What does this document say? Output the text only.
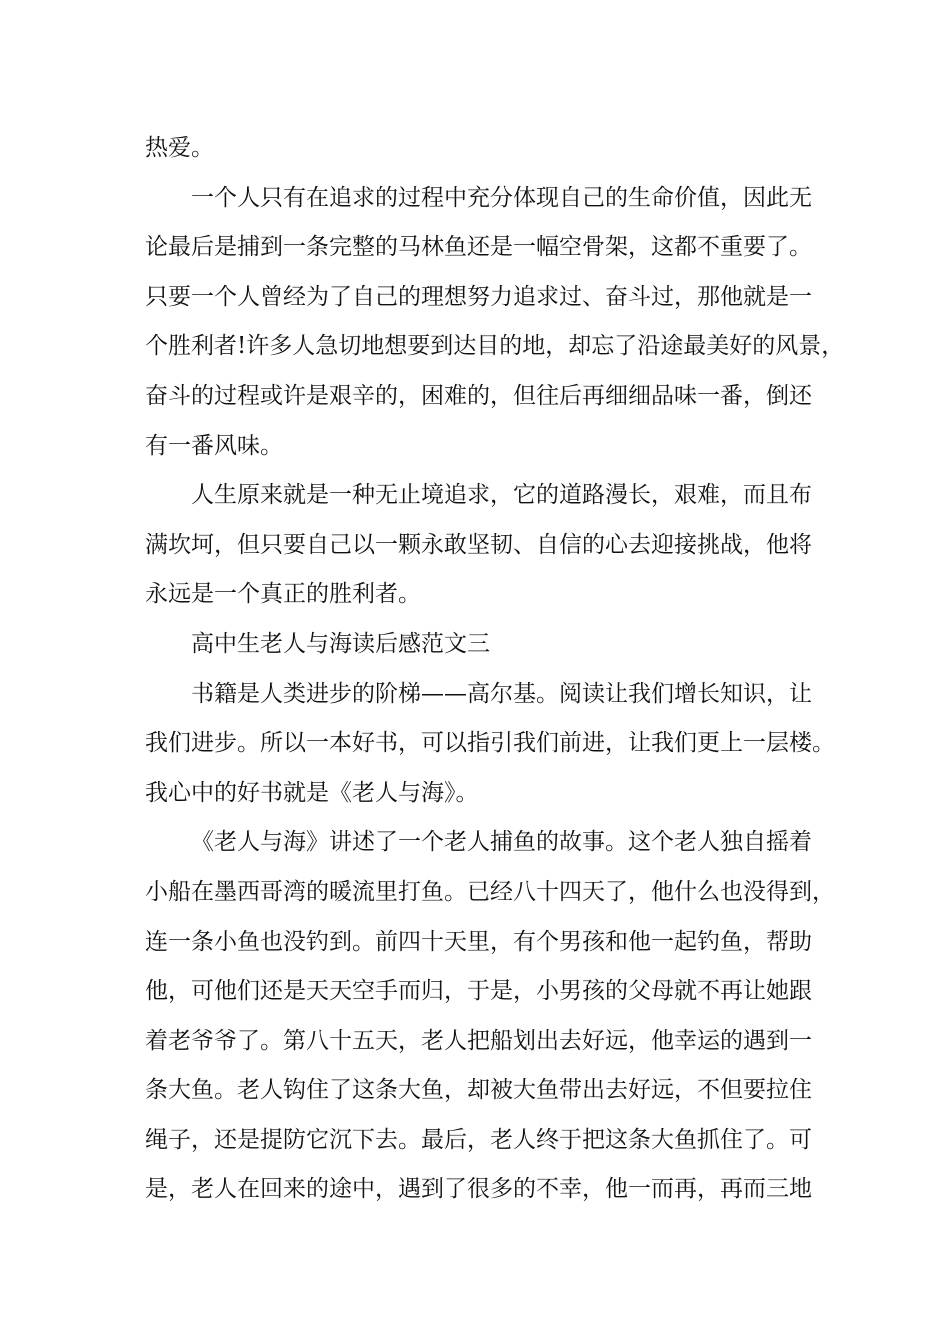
热爱。
一个人只有在追求的过程中充分体现自己的生命价值，因此无
论最后是捕到一条完整的马林鱼还是一幅空骨架，这都不重要了。
只要一个人曾经为了自己的理想努力追求过、奋斗过，那他就是一
个胜利者!许多人急切地想要到达目的地，却忘了沿途最美好的风景，
奋斗的过程或许是艰辛的，困难的，但往后再细细品味一番，倒还
有一番风味。
人生原来就是一种无止境追求，它的道路漫长，艰难，而且布
满坎坷，但只要自己以一颗永敢坚韧、自信的心去迎接挑战，他将
永远是一个真正的胜利者。
高中生老人与海读后感范文三
书籍是人类进步的阶梯——高尔基。阅读让我们增长知识，让
我们进步。所以一本好书，可以指引我们前进，让我们更上一层楼。
我心中的好书就是《老人与海》。
《老人与海》讲述了一个老人捕鱼的故事。这个老人独自摇着
小船在墨西哥湾的暖流里打鱼。已经八十四天了，他什么也没得到，
连一条小鱼也没钓到。前四十天里，有个男孩和他一起钓鱼，帮助
他，可他们还是天天空手而归，于是，小男孩的父母就不再让她跟
着老爷爷了。第八十五天，老人把船划出去好远，他幸运的遇到一
条大鱼。老人钩住了这条大鱼，却被大鱼带出去好远，不但要拉住
绳子，还是提防它沉下去。最后，老人终于把这条大鱼抓住了。可
是，老人在回来的途中，遇到了很多的不幸，他一而再，再而三地
